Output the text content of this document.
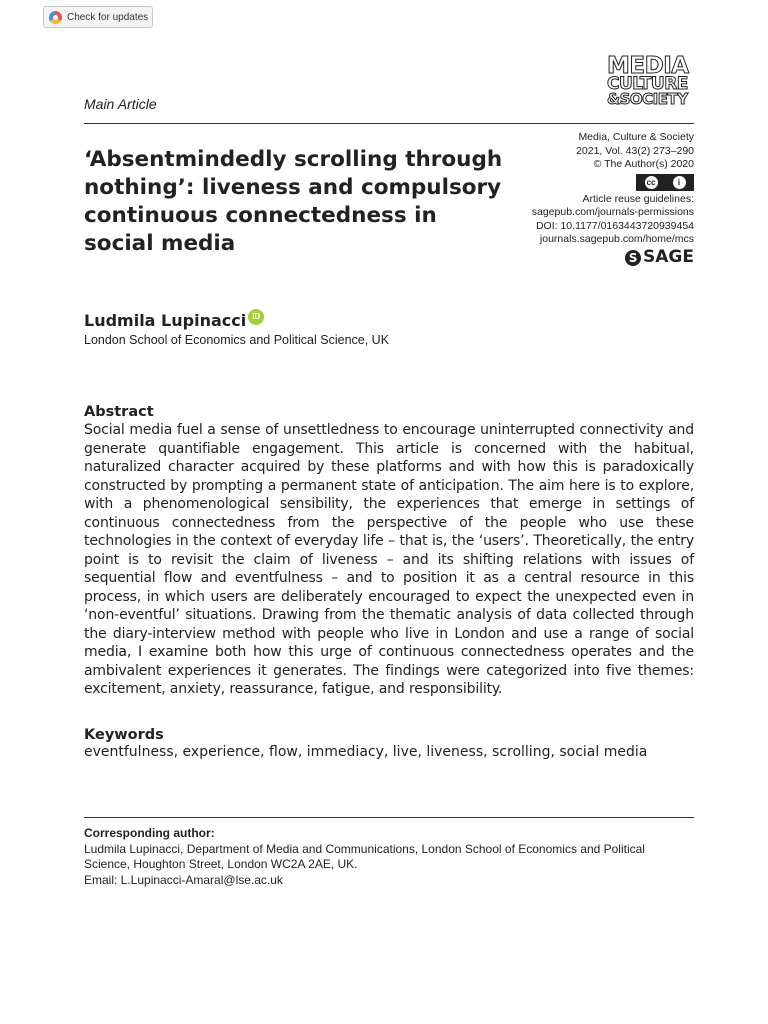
Check for updates
MEDIA
CULTURE
&SOCIETY
Main Article
‘Absentmindedly scrolling through nothing’: liveness and compulsory continuous connectedness in social media
Media, Culture & Society
2021, Vol. 43(2) 273–290
© The Author(s) 2020
cc	i
Article reuse guidelines:
sagepub.com/journals-permissions
DOI: 10.1177/0163443720939454
journals.sagepub.com/home/mcs
S SAGE
Ludmila Lupinacci iD
London School of Economics and Political Science, UK
Abstract

Social media fuel a sense of unsettledness to encourage uninterrupted connectivity and generate quantifiable engagement. This article is concerned with the habitual, naturalized character acquired by these platforms and with how this is paradoxically constructed by prompting a permanent state of anticipation. The aim here is to explore, with a phenomenological sensibility, the experiences that emerge in settings of continuous connectedness from the perspective of the people who use these technologies in the context of everyday life – that is, the ‘users’. Theoretically, the entry point is to revisit the claim of liveness – and its shifting relations with issues of sequential flow and eventfulness – and to position it as a central resource in this process, in which users are deliberately encouraged to expect the unexpected even in ‘non-eventful’ situations. Drawing from the thematic analysis of data collected through the diary-interview method with people who live in London and use a range of social media, I examine both how this urge of continuous connectedness operates and the ambivalent experiences it generates. The findings were categorized into five themes: excitement, anxiety, reassurance, fatigue, and responsibility.

Keywords

eventfulness, experience, flow, immediacy, live, liveness, scrolling, social media

Corresponding author:
Ludmila Lupinacci, Department of Media and Communications, London School of Economics and Political Science, Houghton Street, London WC2A 2AE, UK.
Email: L.Lupinacci-Amaral@lse.ac.uk
